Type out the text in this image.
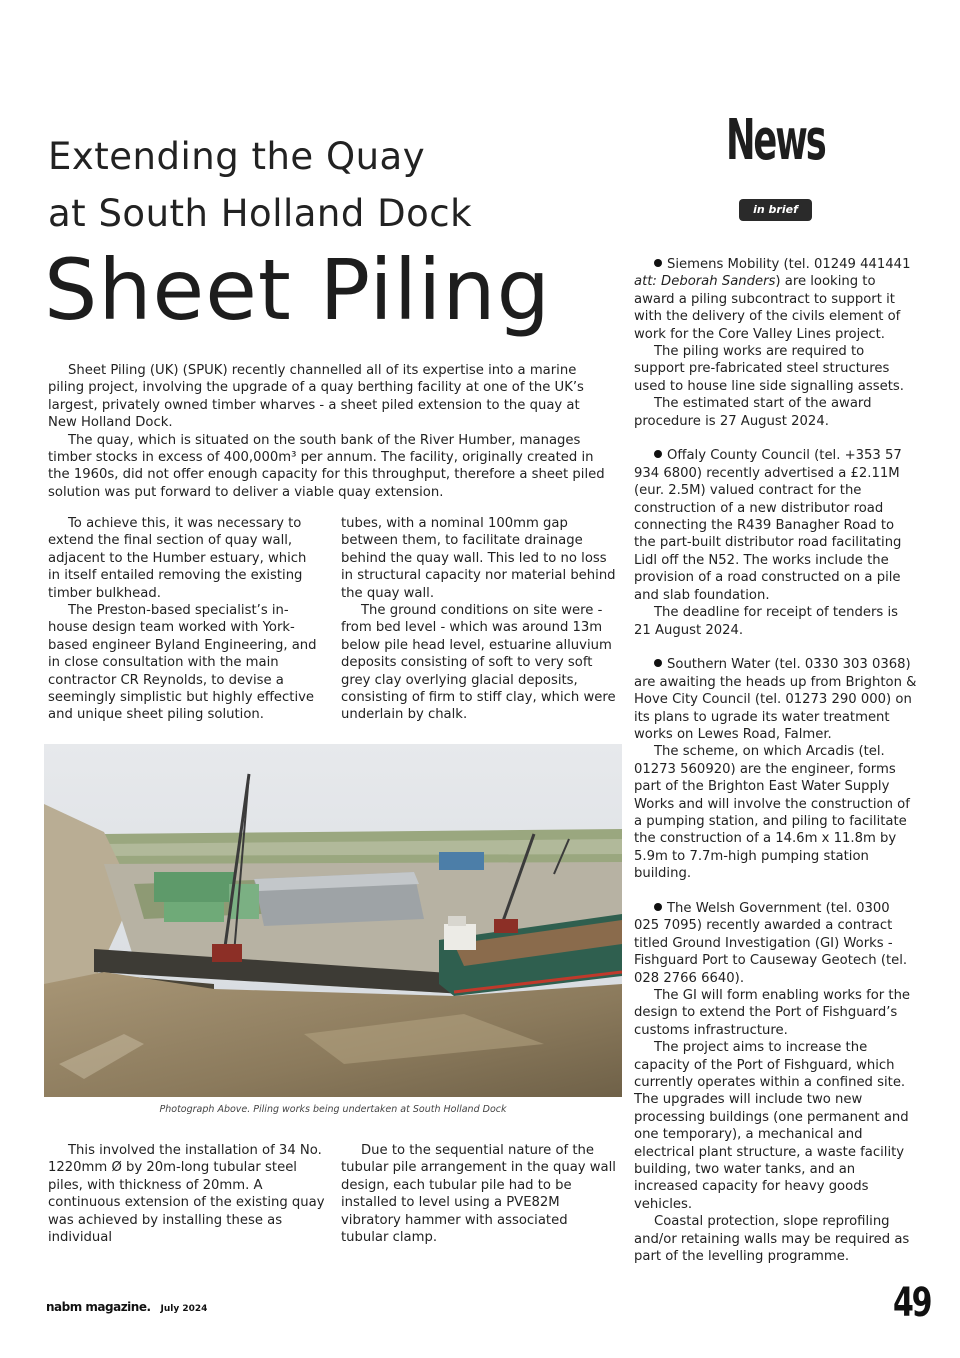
Extending the Quay
at South Holland Dock
Sheet Piling

Sheet Piling (UK) (SPUK) recently channelled all of its expertise into a marine piling project, involving the upgrade of a quay berthing facility at one of the UK’s largest, privately owned timber wharves - a sheet piled extension to the quay at New Holland Dock.

The quay, which is situated on the south bank of the River Humber, manages timber stocks in excess of 400,000m³ per annum. The facility, originally created in the 1960s, did not offer enough capacity for this throughput, therefore a sheet piled solution was put forward to deliver a viable quay extension.

To achieve this, it was necessary to extend the final section of quay wall, adjacent to the Humber estuary, which in itself entailed removing the existing timber bulkhead.

The Preston-based specialist’s in-house design team worked with York-based engineer Byland Engineering, and in close consultation with the main contractor CR Reynolds, to devise a seemingly simplistic but highly effective and unique sheet piling solution.

tubes, with a nominal 100mm gap between them, to facilitate drainage behind the quay wall. This led to no loss in structural capacity nor material behind the quay wall.

The ground conditions on site were - from bed level - which was around 13m below pile head level, estuarine alluvium deposits consisting of soft to very soft grey clay overlying glacial deposits, consisting of firm to stiff clay, which were underlain by chalk.

Photograph Above. Piling works being undertaken at South Holland Dock

This involved the installation of 34 No. 1220mm Ø by 20m-long tubular steel piles, with thickness of 20mm. A continuous extension of the existing quay was achieved by installing these as individual

Due to the sequential nature of the tubular pile arrangement in the quay wall design, each tubular pile had to be installed to level using a PVE82M vibratory hammer with associated tubular clamp.

News
in brief

Siemens Mobility (tel. 01249 441441 att: Deborah Sanders) are looking to award a piling subcontract to support it with the delivery of the civils element of work for the Core Valley Lines project.

The piling works are required to support pre-fabricated steel structures used to house line side signalling assets.

The estimated start of the award procedure is 27 August 2024.

Offaly County Council (tel. +353 57 934 6800) recently advertised a £2.11M (eur. 2.5M) valued contract for the construction of a new distributor road connecting the R439 Banagher Road to the part-built distributor road facilitating Lidl off the N52. The works include the provision of a road constructed on a pile and slab foundation.

The deadline for receipt of tenders is 21 August 2024.

Southern Water (tel. 0330 303 0368) are awaiting the heads up from Brighton & Hove City Council (tel. 01273 290 000) on its plans to ugrade its water treatment works on Lewes Road, Falmer.

The scheme, on which Arcadis (tel. 01273 560920) are the engineer, forms part of the Brighton East Water Supply Works and will involve the construction of a pumping station, and piling to facilitate the construction of a 14.6m x 11.8m by 5.9m to 7.7m-high pumping station building.

The Welsh Government (tel. 0300 025 7095) recently awarded a contract titled Ground Investigation (GI) Works - Fishguard Port to Causeway Geotech (tel. 028 2766 6640).

The GI will form enabling works for the design to extend the Port of Fishguard’s customs infrastructure.

The project aims to increase the capacity of the Port of Fishguard, which currently operates within a confined site. The upgrades will include two new processing buildings (one permanent and one temporary), a mechanical and electrical plant structure, a waste facility building, two water tanks, and an increased capacity for heavy goods vehicles.

Coastal protection, slope reprofiling and/or retaining walls may be required as part of the levelling programme.

nabm magazine. July 2024	49
